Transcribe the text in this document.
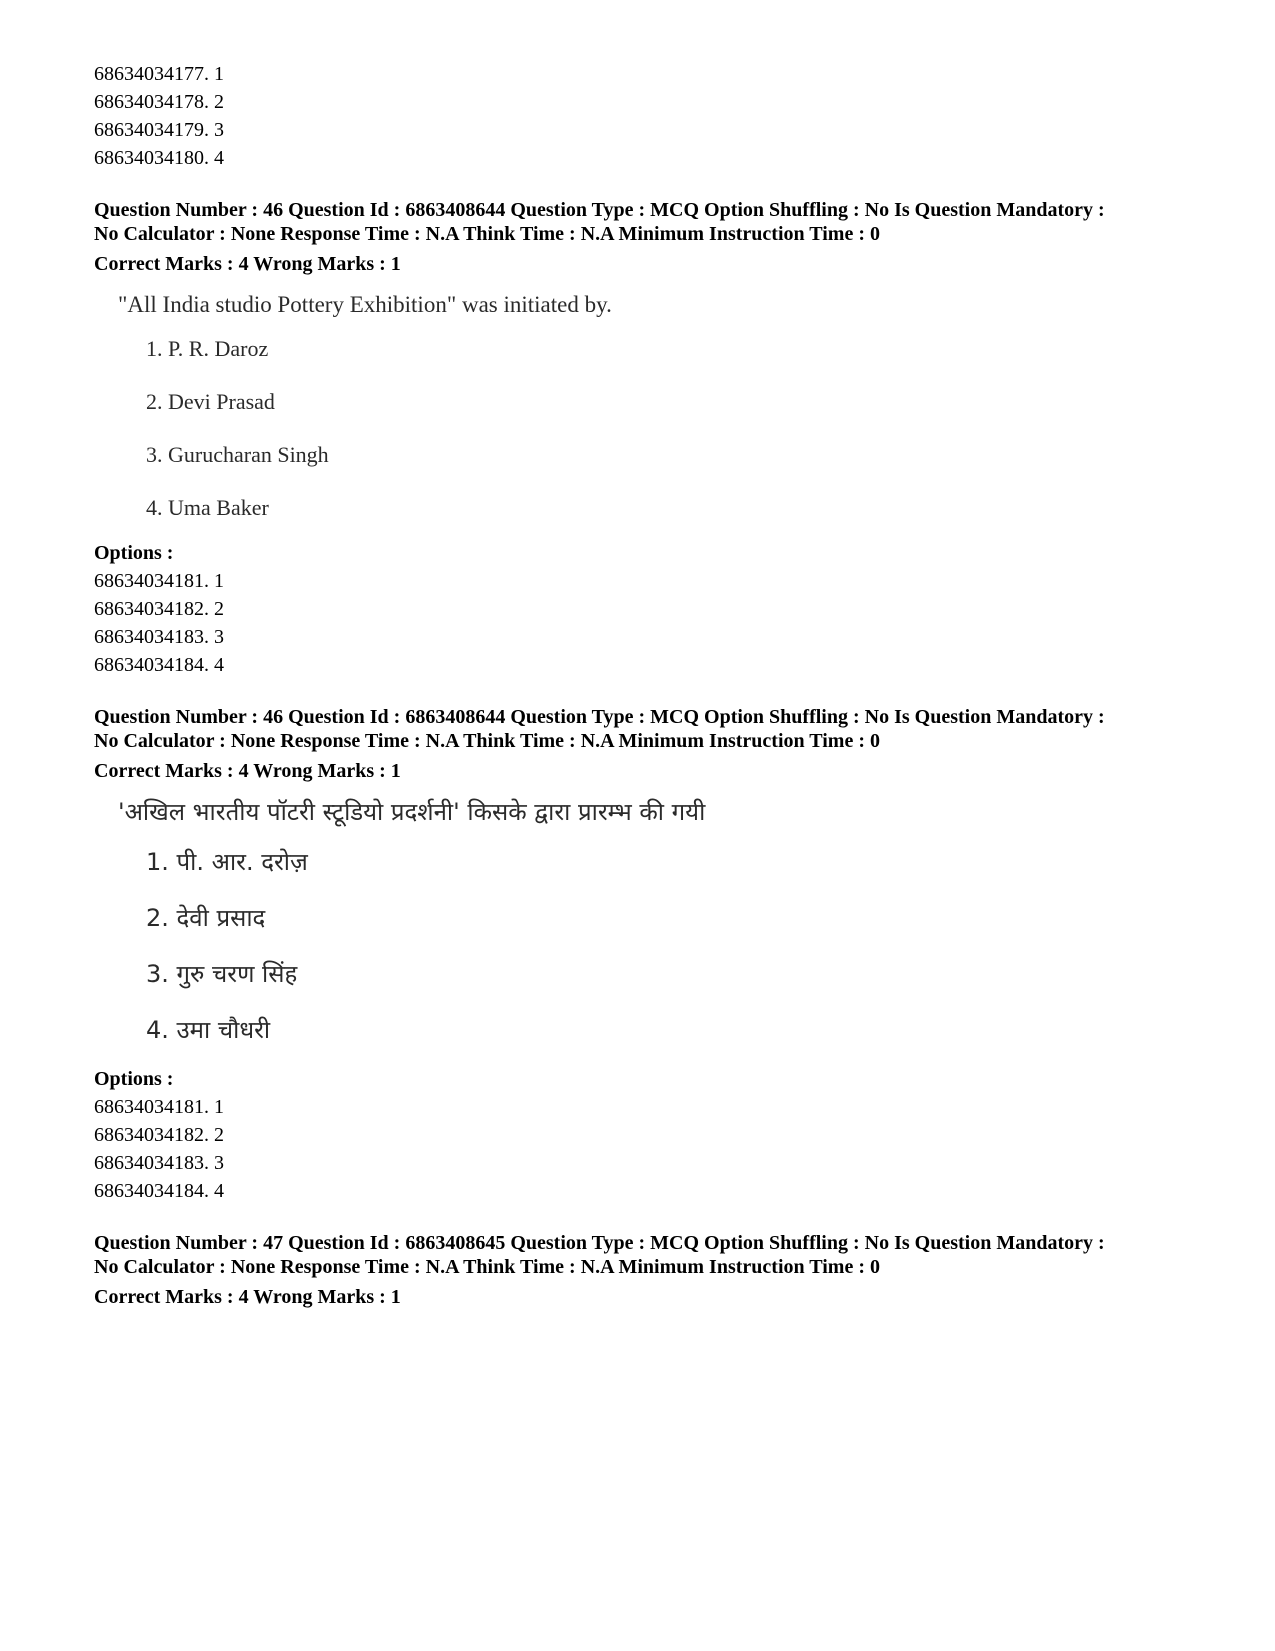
68634034177. 1
68634034178. 2
68634034179. 3
68634034180. 4
Question Number : 46 Question Id : 6863408644 Question Type : MCQ Option Shuffling : No Is Question Mandatory :
No Calculator : None Response Time : N.A Think Time : N.A Minimum Instruction Time : 0
Correct Marks : 4 Wrong Marks : 1
"All India studio Pottery Exhibition" was initiated by.
1. P. R. Daroz
2. Devi Prasad
3. Gurucharan Singh
4. Uma Baker
Options :
68634034181. 1
68634034182. 2
68634034183. 3
68634034184. 4
Question Number : 46 Question Id : 6863408644 Question Type : MCQ Option Shuffling : No Is Question Mandatory :
No Calculator : None Response Time : N.A Think Time : N.A Minimum Instruction Time : 0
Correct Marks : 4 Wrong Marks : 1
'अखिल भारतीय पॉटरी स्टूडियो प्रदर्शनी' किसके द्वारा प्रारम्भ की गयी
1. पी. आर. दरोज़
2. देवी प्रसाद
3. गुरु चरण सिंह
4. उमा चौधरी
Options :
68634034181. 1
68634034182. 2
68634034183. 3
68634034184. 4
Question Number : 47 Question Id : 6863408645 Question Type : MCQ Option Shuffling : No Is Question Mandatory :
No Calculator : None Response Time : N.A Think Time : N.A Minimum Instruction Time : 0
Correct Marks : 4 Wrong Marks : 1
